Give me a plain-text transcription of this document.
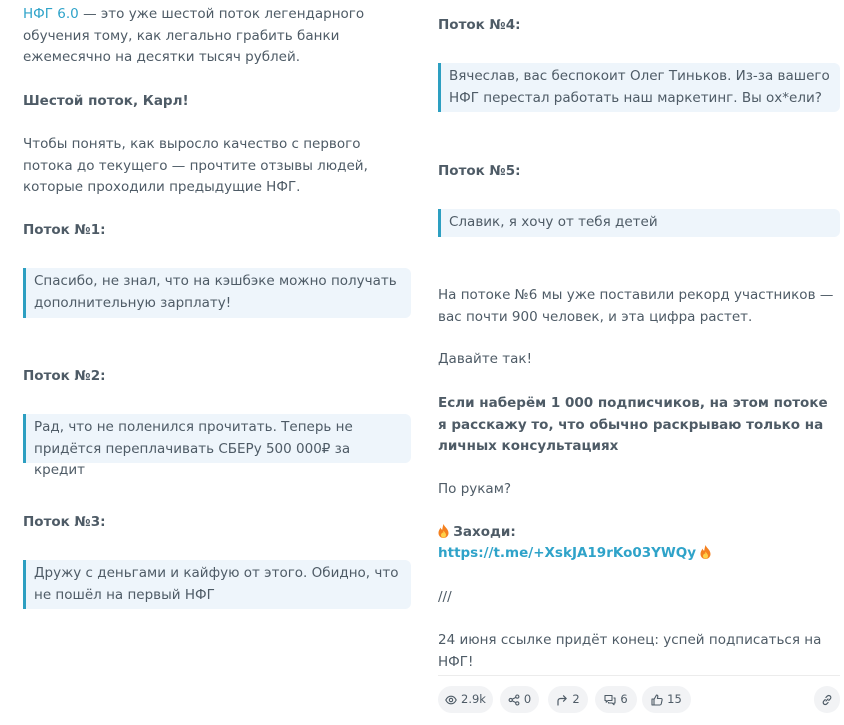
НФГ 6.0 — это уже шестой поток легендарного обучения тому, как легально грабить банки ежемесячно на десятки тысяч рублей.

Шестой поток, Карл!

Чтобы понять, как выросло качество с первого потока до текущего — прочтите отзывы людей, которые проходили предыдущие НФГ.

Поток №1:

Спасибо, не знал, что на кэшбэке можно получать дополнительную зарплату!

Поток №2:

Рад, что не поленился прочитать. Теперь не придётся переплачивать СБЕРу 500 000₽ за кредит

Поток №3:

Дружу с деньгами и кайфую от этого. Обидно, что не пошёл на первый НФГ

Поток №4:

Вячеслав, вас беспокоит Олег Тиньков. Из-за вашего НФГ перестал работать наш маркетинг. Вы ох*ели?

Поток №5:

Славик, я хочу от тебя детей

На потоке №6 мы уже поставили рекорд участников — вас почти 900 человек, и эта цифра растет.

Давайте так!

Если наберём 1 000 подписчиков, на этом потоке я расскажу то, что обычно раскрываю только на личных консультациях

По рукам?

Заходи:

https://t.me/+XskJA19rKo03YWQy

///

24 июня ссылке придёт конец: успей подписаться на НФГ!

2.9k	0	2	6	15
